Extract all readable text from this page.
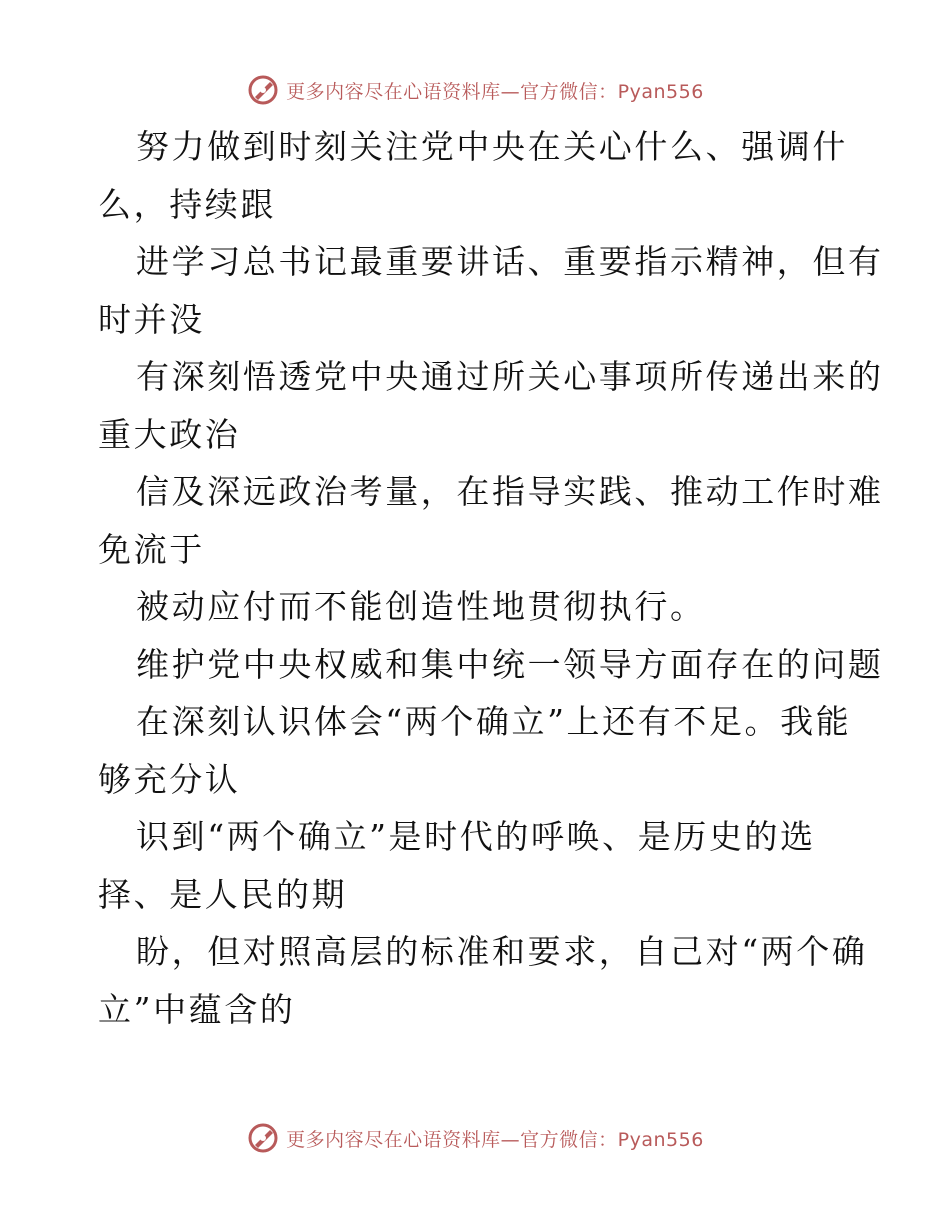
更多内容尽在心语资料库—官方微信：Pyan556
努力做到时刻关注党中央在关心什么、强调什
么，持续跟
进学习总书记最重要讲话、重要指示精神，但有
时并没
有深刻悟透党中央通过所关心事项所传递出来的
重大政治
信及深远政治考量，在指导实践、推动工作时难
免流于
被动应付而不能创造性地贯彻执行。
维护党中央权威和集中统一领导方面存在的问题
在深刻认识体会“两个确立”上还有不足。我能
够充分认
识到“两个确立”是时代的呼唤、是历史的选
择、是人民的期
盼，但对照高层的标准和要求，自己对“两个确
立”中蕴含的
更多内容尽在心语资料库—官方微信：Pyan556
